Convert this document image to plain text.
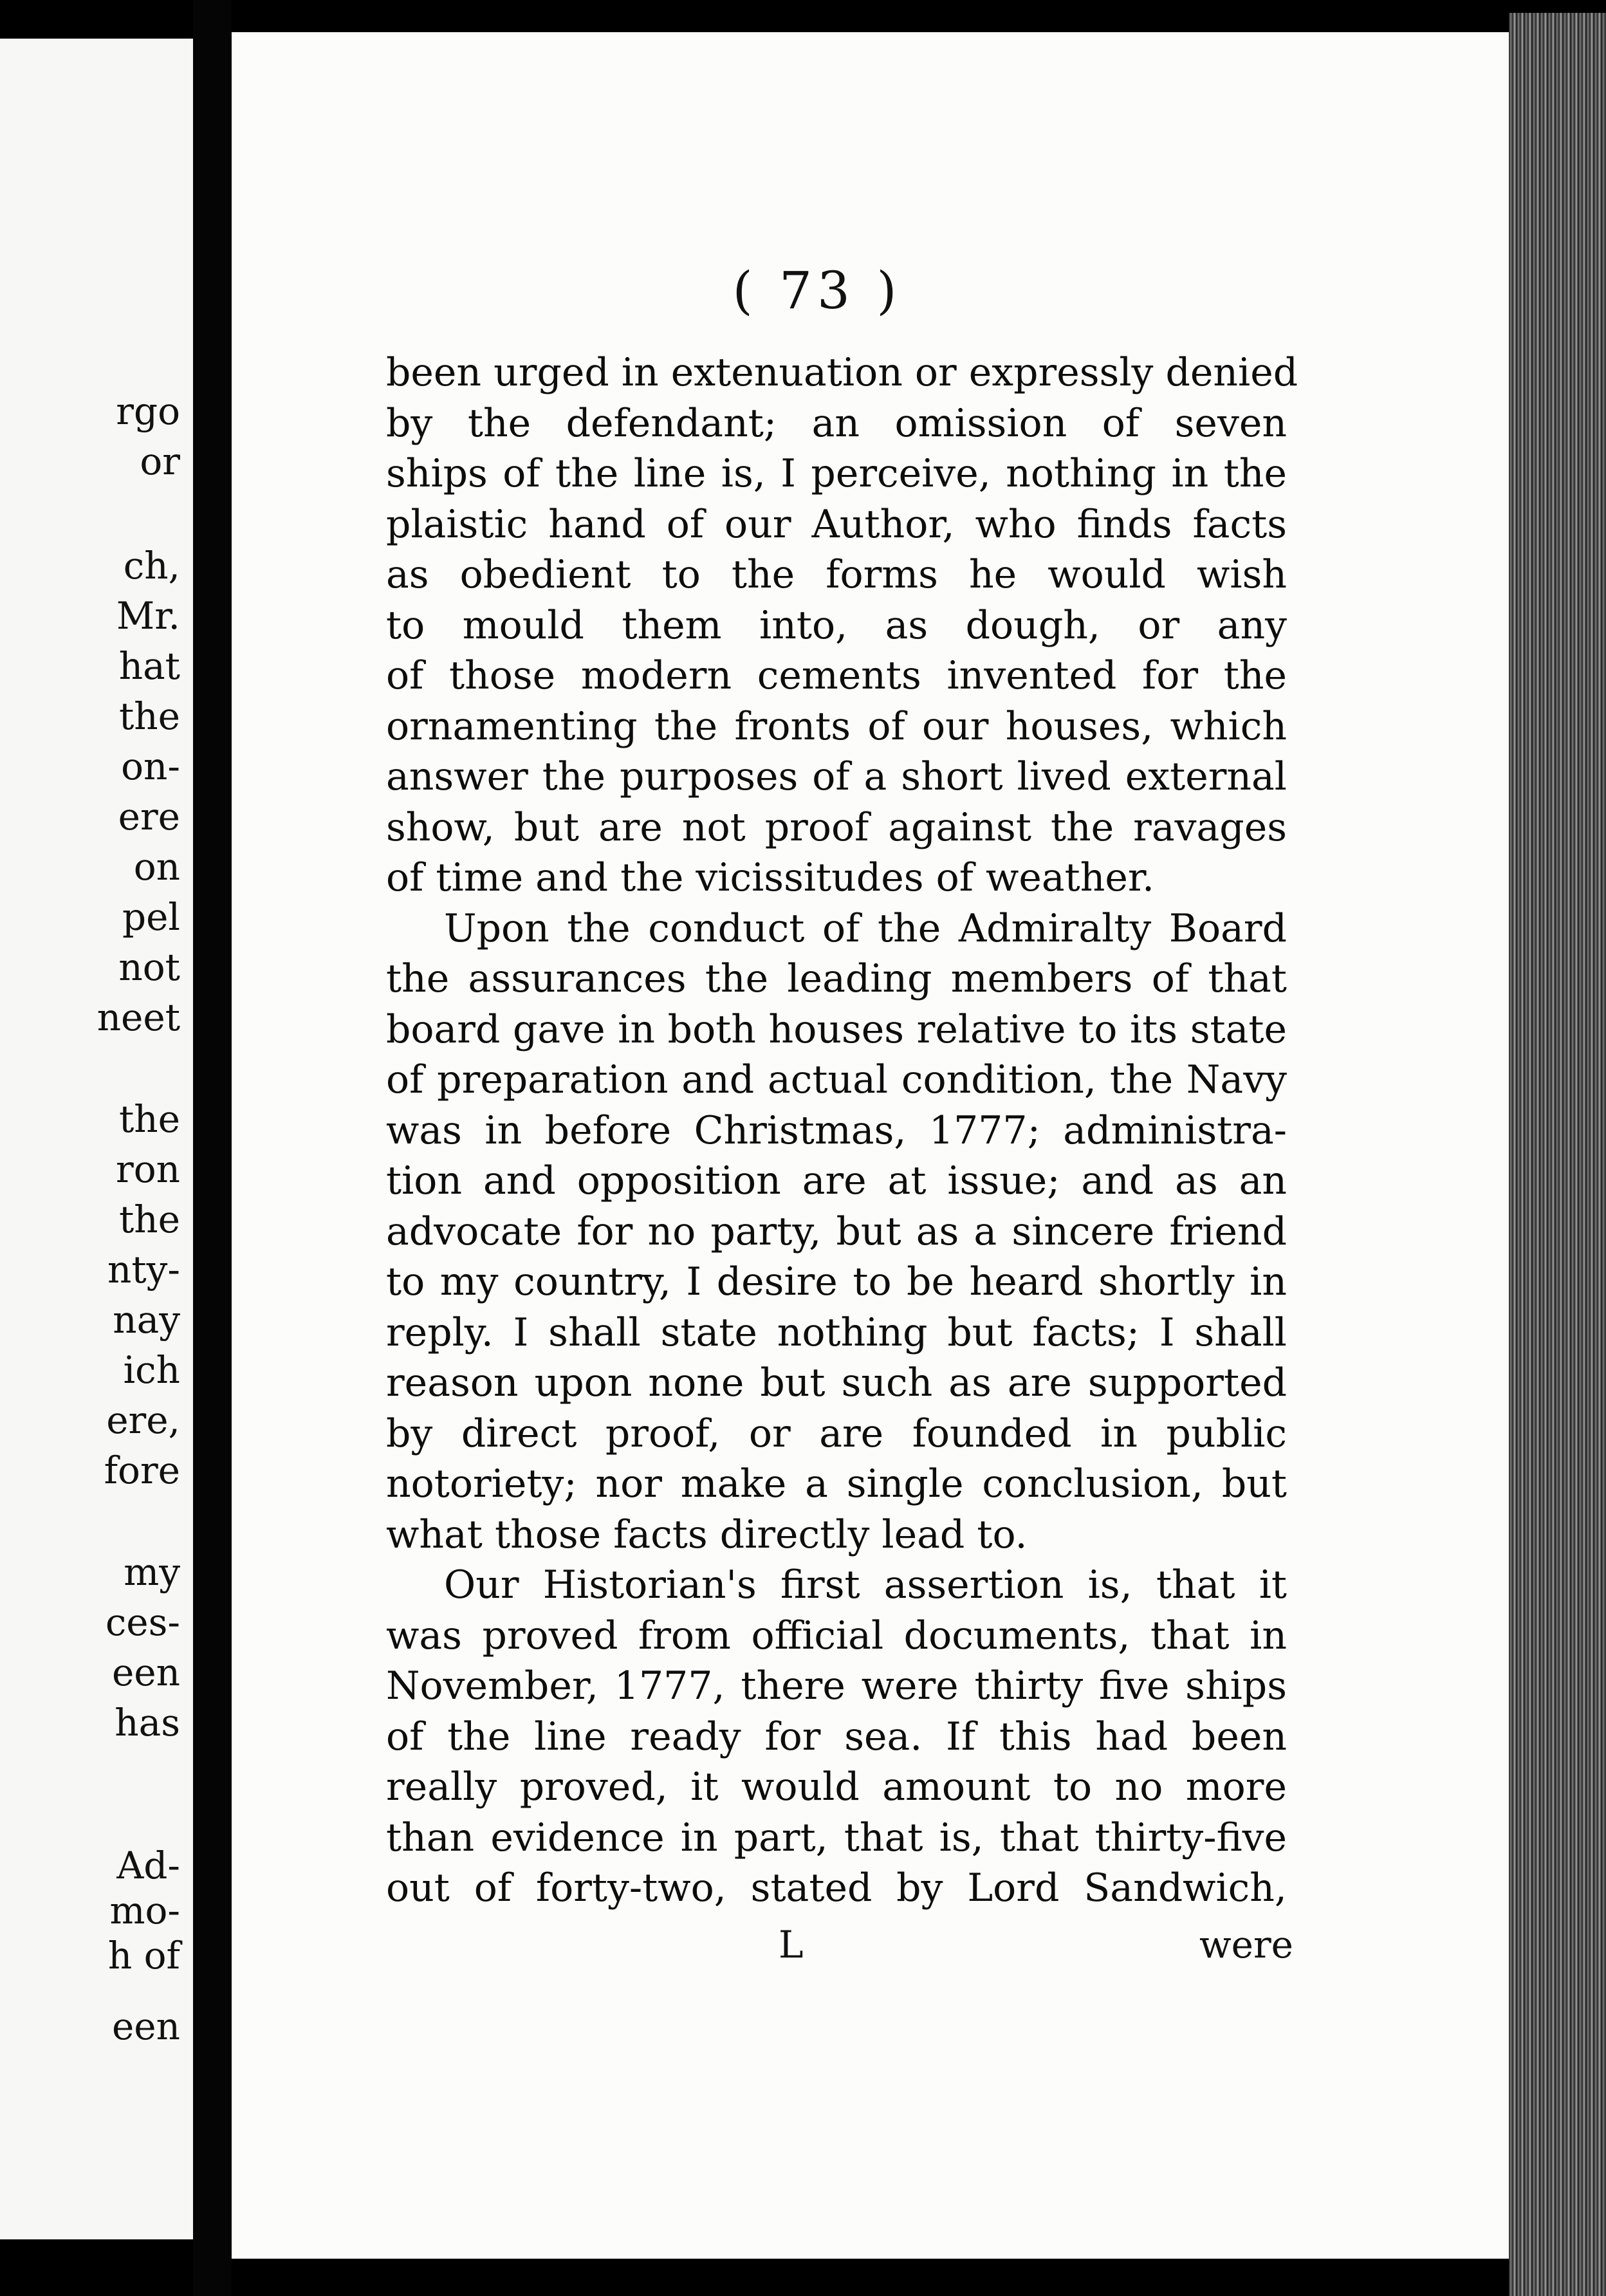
rgo

or

ch,

Mr.

hat

the

on-

ere

on

pel

not

neet

the

ron

the

nty-

nay

ich

ere,

fore

my

ces-

een

has

Ad-

mo-

h of

een

( 73 )
been urged in extenuation or expressly denied
by the defendant; an omission of seven
ships of the line is, I perceive, nothing in the
plaistic hand of our Author, who finds facts
as obedient to the forms he would wish
to mould them into, as dough, or any
of those modern cements invented for the
ornamenting the fronts of our houses, which
answer the purposes of a short lived external
show, but are not proof against the ravages
of time and the vicissitudes of weather.
Upon the conduct of the Admiralty Board
the assurances the leading members of that
board gave in both houses relative to its state
of preparation and actual condition, the Navy
was in before Christmas, 1777; administra-
tion and opposition are at issue; and as an
advocate for no party, but as a sincere friend
to my country, I desire to be heard shortly in
reply. I shall state nothing but facts; I shall
reason upon none but such as are supported
by direct proof, or are founded in public
notoriety; nor make a single conclusion, but
what those facts directly lead to.
Our Historian's first assertion is, that it
was proved from official documents, that in
November, 1777, there were thirty five ships
of the line ready for sea. If this had been
really proved, it would amount to no more
than evidence in part, that is, that thirty-five
out of forty-two, stated by Lord Sandwich,
L	were
